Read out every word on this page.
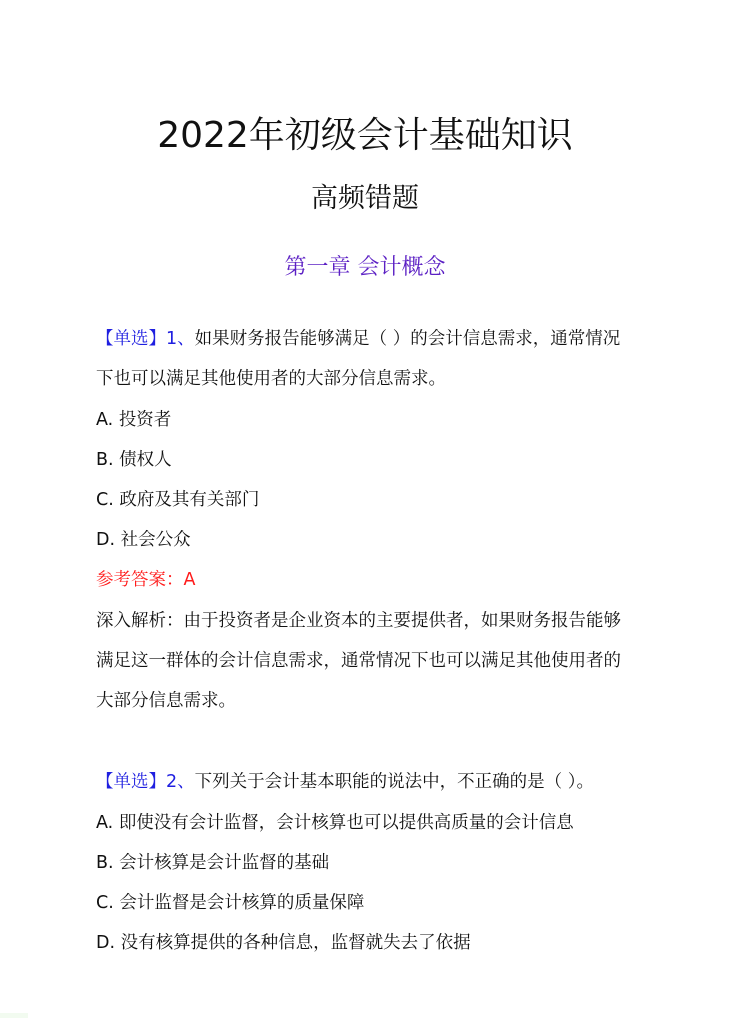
2022年初级会计基础知识
高频错题
第一章 会计概念
【单选】1、如果财务报告能够满足（ ）的会计信息需求，通常情况
下也可以满足其他使用者的大部分信息需求。
A. 投资者
B. 债权人
C. 政府及其有关部门
D. 社会公众
参考答案：A
深入解析：由于投资者是企业资本的主要提供者，如果财务报告能够
满足这一群体的会计信息需求，通常情况下也可以满足其他使用者的
大部分信息需求。
【单选】2、下列关于会计基本职能的说法中，不正确的是（ ）。
A. 即使没有会计监督，会计核算也可以提供高质量的会计信息
B. 会计核算是会计监督的基础
C. 会计监督是会计核算的质量保障
D. 没有核算提供的各种信息，监督就失去了依据
